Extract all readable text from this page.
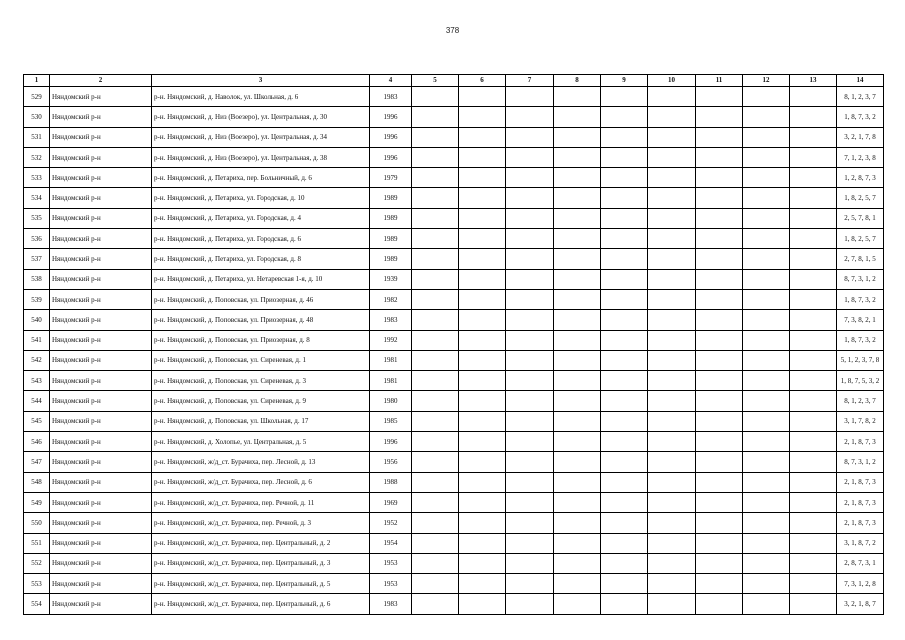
378
1	2	3	4	5	6	7	8	9	10	11	12	13	14
529	Няндомский р-н	р-н. Няндомский, д. Наволок, ул. Школьная, д. 6	1983										8, 1, 2, 3, 7
530	Няндомский р-н	р-н. Няндомский, д. Низ (Воезеро), ул. Центральная, д. 30	1996										1, 8, 7, 3, 2
531	Няндомский р-н	р-н. Няндомский, д. Низ (Воезеро), ул. Центральная, д. 34	1996										3, 2, 1, 7, 8
532	Няндомский р-н	р-н. Няндомский, д. Низ (Воезеро), ул. Центральная, д. 38	1996										7, 1, 2, 3, 8
533	Няндомский р-н	р-н. Няндомский, д. Петариха, пер. Больничный, д. 6	1979										1, 2, 8, 7, 3
534	Няндомский р-н	р-н. Няндомский, д. Петариха, ул. Городская, д. 10	1989										1, 8, 2, 5, 7
535	Няндомский р-н	р-н. Няндомский, д. Петариха, ул. Городская, д. 4	1989										2, 5, 7, 8, 1
536	Няндомский р-н	р-н. Няндомский, д. Петариха, ул. Городская, д. 6	1989										1, 8, 2, 5, 7
537	Няндомский р-н	р-н. Няндомский, д. Петариха, ул. Городская, д. 8	1989										2, 7, 8, 1, 5
538	Няндомский р-н	р-н. Няндомский, д. Петариха, ул. Нетаревская 1-я, д. 10	1939										8, 7, 3, 1, 2
539	Няндомский р-н	р-н. Няндомский, д. Поповская, ул. Приозерная, д. 46	1982										1, 8, 7, 3, 2
540	Няндомский р-н	р-н. Няндомский, д. Поповская, ул. Приозерная, д. 48	1983										7, 3, 8, 2, 1
541	Няндомский р-н	р-н. Няндомский, д. Поповская, ул. Приозерная, д. 8	1992										1, 8, 7, 3, 2
542	Няндомский р-н	р-н. Няндомский, д. Поповская, ул. Сиреневая, д. 1	1981										5, 1, 2, 3, 7, 8
543	Няндомский р-н	р-н. Няндомский, д. Поповская, ул. Сиреневая, д. 3	1981										1, 8, 7, 5, 3, 2
544	Няндомский р-н	р-н. Няндомский, д. Поповская, ул. Сиреневая, д. 9	1980										8, 1, 2, 3, 7
545	Няндомский р-н	р-н. Няндомский, д. Поповская, ул. Школьная, д. 17	1985										3, 1, 7, 8, 2
546	Няндомский р-н	р-н. Няндомский, д. Холопье, ул. Центральная, д. 5	1996										2, 1, 8, 7, 3
547	Няндомский р-н	р-н. Няндомский, ж/д_ст. Бурачиха, пер. Лесной, д. 13	1956										8, 7, 3, 1, 2
548	Няндомский р-н	р-н. Няндомский, ж/д_ст. Бурачиха, пер. Лесной, д. 6	1988										2, 1, 8, 7, 3
549	Няндомский р-н	р-н. Няндомский, ж/д_ст. Бурачиха, пер. Речной, д. 11	1969										2, 1, 8, 7, 3
550	Няндомский р-н	р-н. Няндомский, ж/д_ст. Бурачиха, пер. Речной, д. 3	1952										2, 1, 8, 7, 3
551	Няндомский р-н	р-н. Няндомский, ж/д_ст. Бурачиха, пер. Центральный, д. 2	1954										3, 1, 8, 7, 2
552	Няндомский р-н	р-н. Няндомский, ж/д_ст. Бурачиха, пер. Центральный, д. 3	1953										2, 8, 7, 3, 1
553	Няндомский р-н	р-н. Няндомский, ж/д_ст. Бурачиха, пер. Центральный, д. 5	1953										7, 3, 1, 2, 8
554	Няндомский р-н	р-н. Няндомский, ж/д_ст. Бурачиха, пер. Центральный, д. 6	1983										3, 2, 1, 8, 7
